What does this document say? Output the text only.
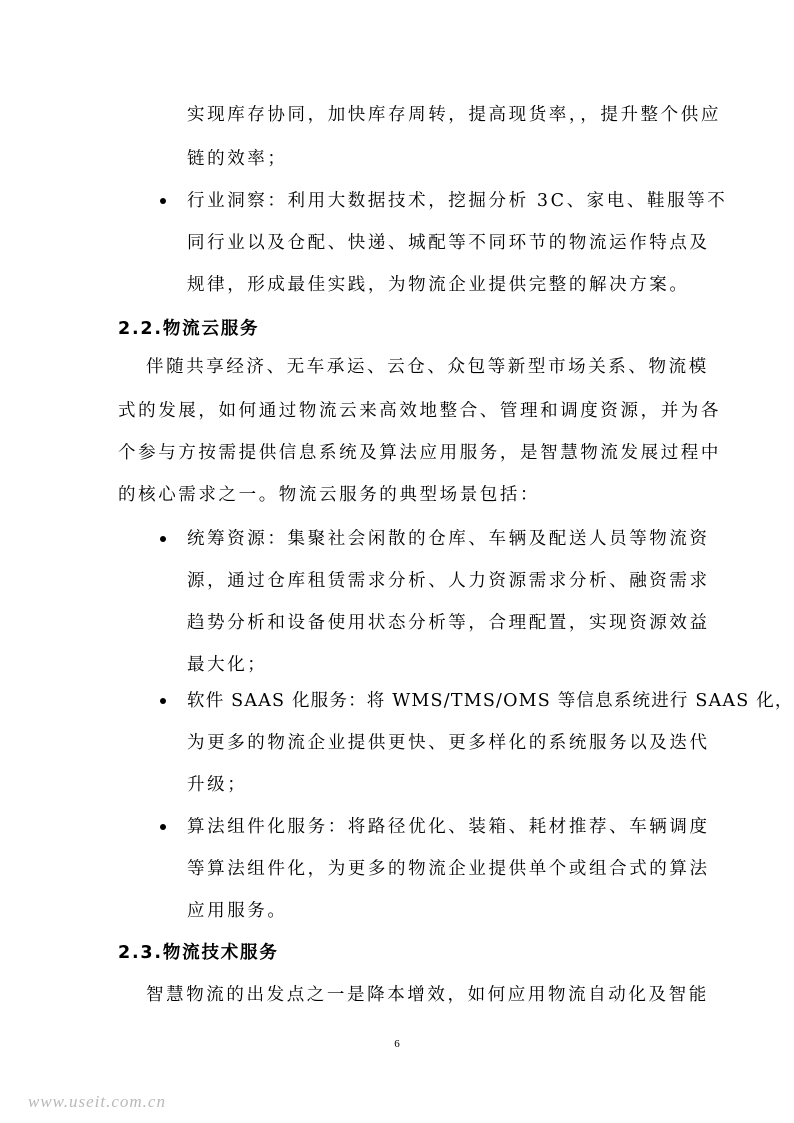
实现库存协同，加快库存周转，提高现货率，，提升整个供应
链的效率；
行业洞察：利用大数据技术，挖掘分析 3C、家电、鞋服等不
同行业以及仓配、快递、城配等不同环节的物流运作特点及
规律，形成最佳实践，为物流企业提供完整的解决方案。
2.2.物流云服务
伴随共享经济、无车承运、云仓、众包等新型市场关系、物流模
式的发展，如何通过物流云来高效地整合、管理和调度资源，并为各
个参与方按需提供信息系统及算法应用服务，是智慧物流发展过程中
的核心需求之一。物流云服务的典型场景包括：
统筹资源：集聚社会闲散的仓库、车辆及配送人员等物流资
源，通过仓库租赁需求分析、人力资源需求分析、融资需求
趋势分析和设备使用状态分析等，合理配置，实现资源效益
最大化；
软件 SAAS 化服务：将 WMS/TMS/OMS 等信息系统进行 SAAS 化，
为更多的物流企业提供更快、更多样化的系统服务以及迭代
升级；
算法组件化服务：将路径优化、装箱、耗材推荐、车辆调度
等算法组件化，为更多的物流企业提供单个或组合式的算法
应用服务。
2.3.物流技术服务
智慧物流的出发点之一是降本增效，如何应用物流自动化及智能
6
www.useit.com.cn
